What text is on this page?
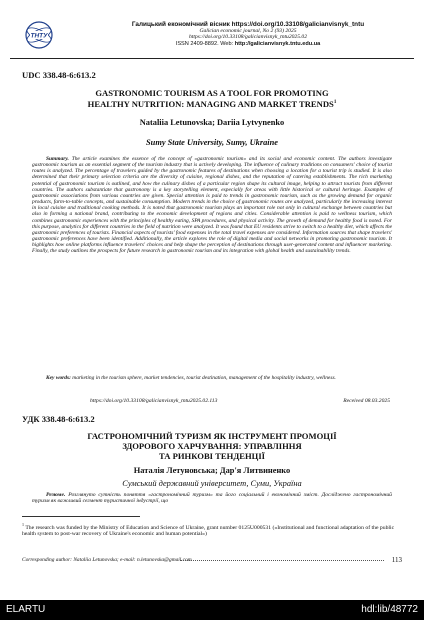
ТНТУ
Галицький економічний вісник https://doi.org/10.33108/galicianvisnyk_tntu
Galician economic journal, No 2 (93) 2025
https://doi.org/10.33108/galicianvisnyk_tntu2025.02
ISSN 2409-8892. Web: http://galicianvisnyk.tntu.edu.ua
UDC 338.48-6:613.2
GASTRONOMIC TOURISM AS A TOOL FOR PROMOTING
HEALTHY NUTRITION: MANAGING AND MARKET TRENDS$^1$
Nataliia Letunovska; Dariia Lytvynenko
Sumy State University, Sumy, Ukraine
Summary. The article examines the essence of the concept of «gastronomic tourism» and its social and economic content. The authors investigate gastronomic tourism as an essential segment of the tourism industry that is actively developing. The influence of culinary traditions on consumers' choice of tourist routes is analyzed. The percentage of travelers guided by the gastronomic features of destinations when choosing a location for a tourist trip is studied. It is also determined that their primary selection criteria are the diversity of cuisine, regional dishes, and the reputation of catering establishments. The rich marketing potential of gastronomic tourism is outlined, and how the culinary dishes of a particular region shape its cultural image, helping to attract tourists from different countries. The authors substantiate that gastronomy is a key storytelling element, especially for areas with little historical or cultural heritage. Examples of gastronomic associations from various countries are given. Special attention is paid to trends in gastronomic tourism, such as the growing demand for organic products, farm-to-table concepts, and sustainable consumption. Modern trends in the choice of gastronomic routes are analyzed, particularly the increasing interest in local cuisine and traditional cooking methods. It is noted that gastronomic tourism plays an important role not only in cultural exchange between countries but also in forming a national brand, contributing to the economic development of regions and cities. Considerable attention is paid to wellness tourism, which combines gastronomic experiences with the principles of healthy eating, SPA procedures, and physical activity. The growth of demand for healthy food is noted. For this purpose, analytics for different countries in the field of nutrition were analyzed. It was found that EU residents strive to switch to a healthy diet, which affects the gastronomic preferences of tourists. Financial aspects of tourists' food expenses in the total travel expenses are considered. Information sources that shape travelers' gastronomic preferences have been identified. Additionally, the article explores the role of digital media and social networks in promoting gastronomic tourism. It highlights how online platforms influence travelers' choices and help shape the perception of destinations through user-generated content and influencer marketing. Finally, the study outlines the prospects for future research in gastronomic tourism and its integration with global health and sustainability trends.
Key words: marketing in the tourism sphere, market tendencies, tourist destination, management of the hospitality industry, wellness.
https://doi.org/10.33108/galicianvisnyk_tntu2025.02.113	Received 08.03.2025
УДК 338.48-6:613.2
ГАСТРОНОМІЧНИЙ ТУРИЗМ ЯК ІНСТРУМЕНТ ПРОМОЦІЇ
ЗДОРОВОГО ХАРЧУВАННЯ: УПРАВЛІННЯ
ТА РИНКОВІ ТЕНДЕНЦІЇ
Наталія Летуновська; Дар'я Литвиненко
Сумський державний університет, Суми, Україна
Резюме. Розглянуто сутність поняття «гастрономічний туризм» та його соціальний і економічний зміст. Досліджено гастрономічний туризм як важливий сегмент туристичної індустрії, що
$^1$ The research was funded by the Ministry of Education and Science of Ukraine, grant number 0125U000531 («Institutional and functional adaptation of the public health system to post-war recovery of Ukraine's economic and human potential»)
Corresponding author: Nataliia Letunovska; e-mail: n.letunovska@gmail.com	113
ELARTU	hdl:lib/48772
